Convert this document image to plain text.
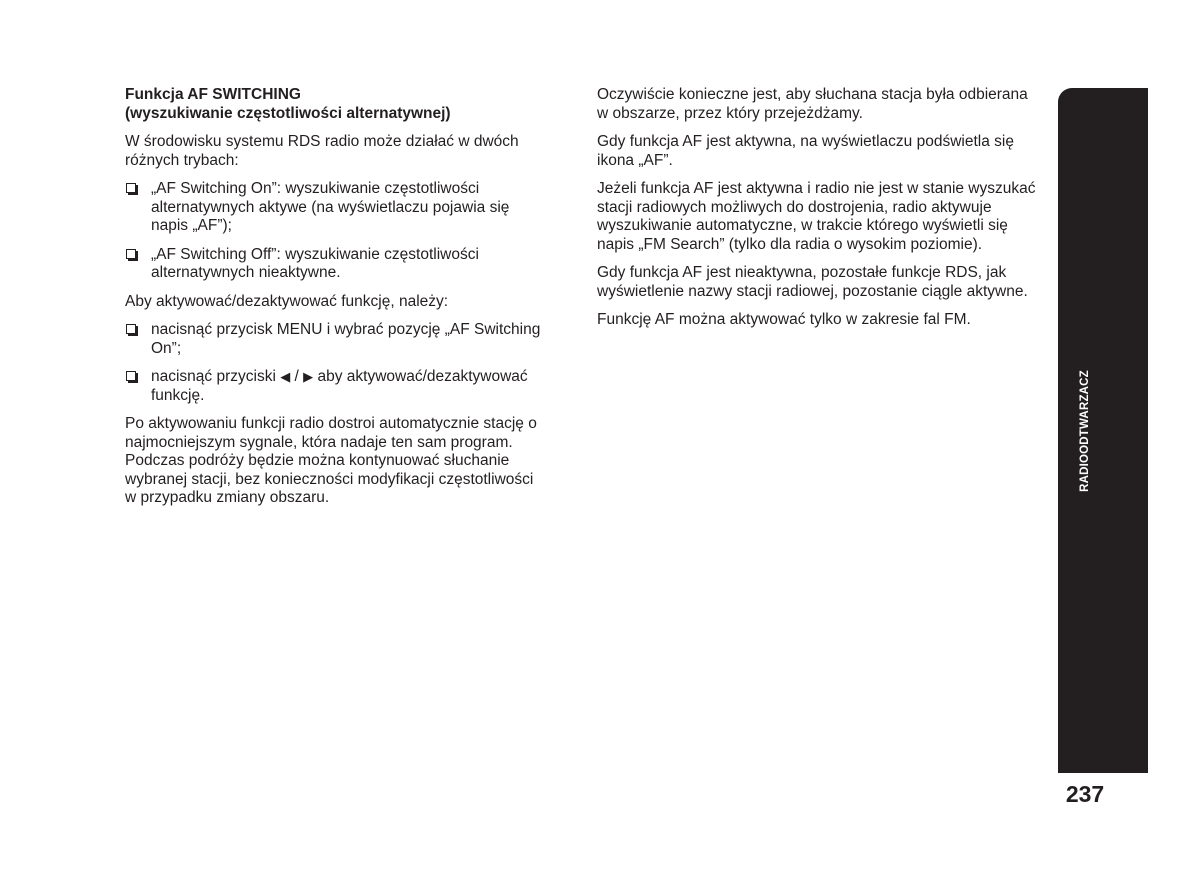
Funkcja AF SWITCHING
(wyszukiwanie częstotliwości alternatywnej)

W środowisku systemu RDS radio może działać w dwóch różnych trybach:

„AF Switching On”: wyszukiwanie częstotliwości alternatywnych aktywe (na wyświetlaczu pojawia się napis „AF”);
„AF Switching Off”: wyszukiwanie częstotliwości alternatywnych nieaktywne.

Aby aktywować/dezaktywować funkcję, należy:

nacisnąć przycisk MENU i wybrać pozycję „AF Switching On”;
nacisnąć przyciski ◀ / ▶ aby aktywować/dezaktywować funkcję.

Po aktywowaniu funkcji radio dostroi automatycznie stację o najmocniejszym sygnale, która nadaje ten sam program. Podczas podróży będzie można kontynuować słuchanie wybranej stacji, bez konieczności modyfikacji częstotliwości w przypadku zmiany obszaru.

Oczywiście konieczne jest, aby słuchana stacja była odbierana w obszarze, przez który przejeżdżamy.

Gdy funkcja AF jest aktywna, na wyświetlaczu podświetla się ikona „AF”.

Jeżeli funkcja AF jest aktywna i radio nie jest w stanie wyszukać stacji radiowych możliwych do dostrojenia, radio aktywuje wyszukiwanie automatyczne, w trakcie którego wyświetli się napis „FM Search” (tylko dla radia o wysokim poziomie).

Gdy funkcja AF jest nieaktywna, pozostałe funkcje RDS, jak wyświetlenie nazwy stacji radiowej, pozostanie ciągle aktywne.

Funkcję AF można aktywować tylko w zakresie fal FM.

RADIOODTWARZACZ
237
